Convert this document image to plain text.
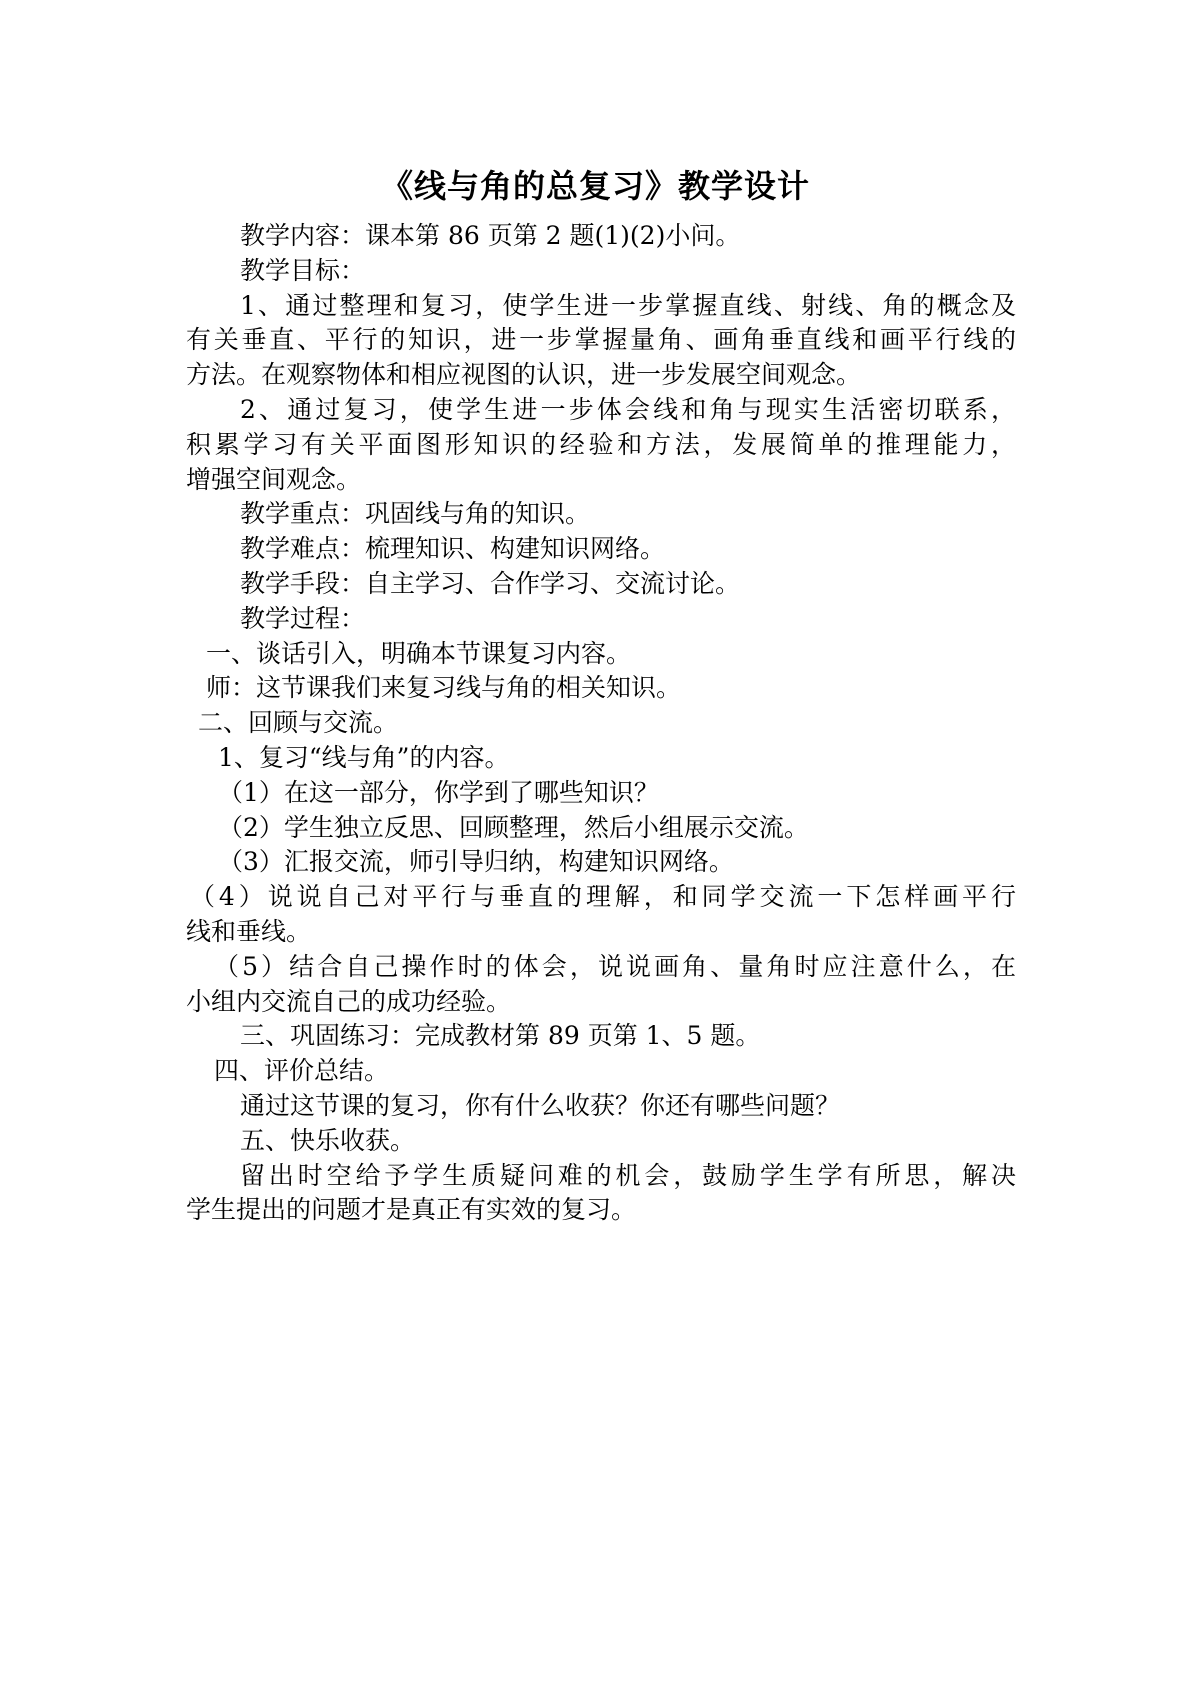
《线与角的总复习》教学设计
教学内容：课本第 86 页第 2 题(1)(2)小问。
教学目标：
1、通过整理和复习，使学生进一步掌握直线、射线、角的概念及
有关垂直、平行的知识，进一步掌握量角、画角垂直线和画平行线的
方法。在观察物体和相应视图的认识，进一步发展空间观念。
2、通过复习，使学生进一步体会线和角与现实生活密切联系，
积累学习有关平面图形知识的经验和方法，发展简单的推理能力，
增强空间观念。
教学重点：巩固线与角的知识。
教学难点：梳理知识、构建知识网络。
教学手段：自主学习、合作学习、交流讨论。
教学过程：
一、谈话引入，明确本节课复习内容。
师：这节课我们来复习线与角的相关知识。
二、回顾与交流。
1、复习“线与角”的内容。
（1）在这一部分，你学到了哪些知识？
（2）学生独立反思、回顾整理，然后小组展示交流。
（3）汇报交流，师引导归纳，构建知识网络。
（4）说说自己对平行与垂直的理解，和同学交流一下怎样画平行
线和垂线。
（5）结合自己操作时的体会，说说画角、量角时应注意什么，在
小组内交流自己的成功经验。
三、巩固练习：完成教材第 89 页第 1、5 题。
四、评价总结。
通过这节课的复习，你有什么收获？你还有哪些问题？
五、快乐收获。
留出时空给予学生质疑问难的机会，鼓励学生学有所思，解决
学生提出的问题才是真正有实效的复习。
